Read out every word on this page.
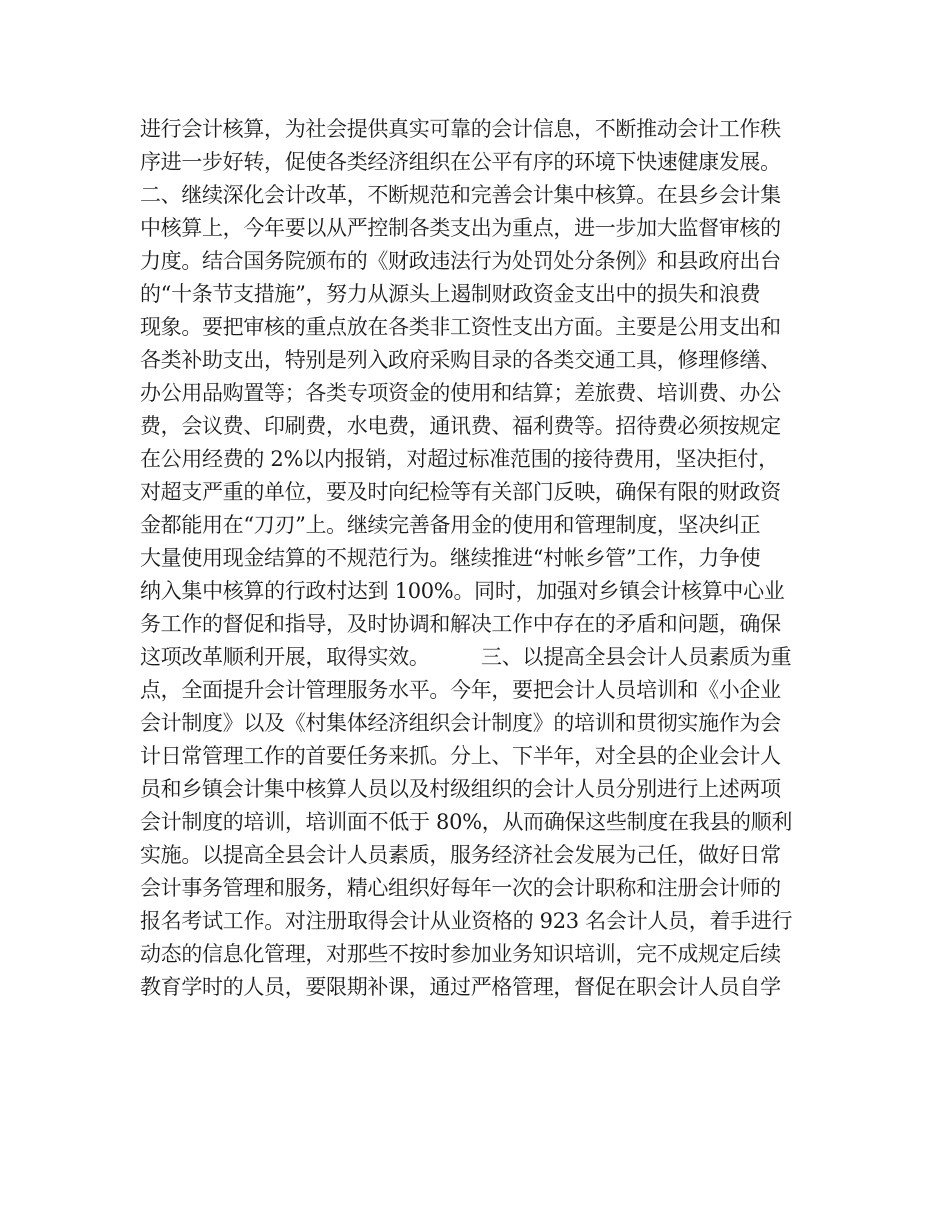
进行会计核算，为社会提供真实可靠的会计信息，不断推动会计工作秩
序进一步好转，促使各类经济组织在公平有序的环境下快速健康发展。
二、继续深化会计改革，不断规范和完善会计集中核算。在县乡会计集
中核算上，今年要以从严控制各类支出为重点，进一步加大监督审核的
力度。结合国务院颁布的《财政违法行为处罚处分条例》和县政府出台
的“十条节支措施”，努力从源头上遏制财政资金支出中的损失和浪费
现象。要把审核的重点放在各类非工资性支出方面。主要是公用支出和
各类补助支出，特别是列入政府采购目录的各类交通工具，修理修缮、
办公用品购置等；各类专项资金的使用和结算；差旅费、培训费、办公
费，会议费、印刷费，水电费，通讯费、福利费等。招待费必须按规定
在公用经费的 2%以内报销，对超过标准范围的接待费用，坚决拒付，
对超支严重的单位，要及时向纪检等有关部门反映，确保有限的财政资
金都能用在“刀刃”上。继续完善备用金的使用和管理制度，坚决纠正
大量使用现金结算的不规范行为。继续推进“村帐乡管”工作，力争使
纳入集中核算的行政村达到 100%。同时，加强对乡镇会计核算中心业
务工作的督促和指导，及时协调和解决工作中存在的矛盾和问题，确保
这项改革顺利开展，取得实效。　　　三、以提高全县会计人员素质为重
点，全面提升会计管理服务水平。今年，要把会计人员培训和《小企业
会计制度》以及《村集体经济组织会计制度》的培训和贯彻实施作为会
计日常管理工作的首要任务来抓。分上、下半年，对全县的企业会计人
员和乡镇会计集中核算人员以及村级组织的会计人员分别进行上述两项
会计制度的培训，培训面不低于 80%，从而确保这些制度在我县的顺利
实施。以提高全县会计人员素质，服务经济社会发展为己任，做好日常
会计事务管理和服务，精心组织好每年一次的会计职称和注册会计师的
报名考试工作。对注册取得会计从业资格的 923 名会计人员，着手进行
动态的信息化管理，对那些不按时参加业务知识培训，完不成规定后续
教育学时的人员，要限期补课，通过严格管理，督促在职会计人员自学
